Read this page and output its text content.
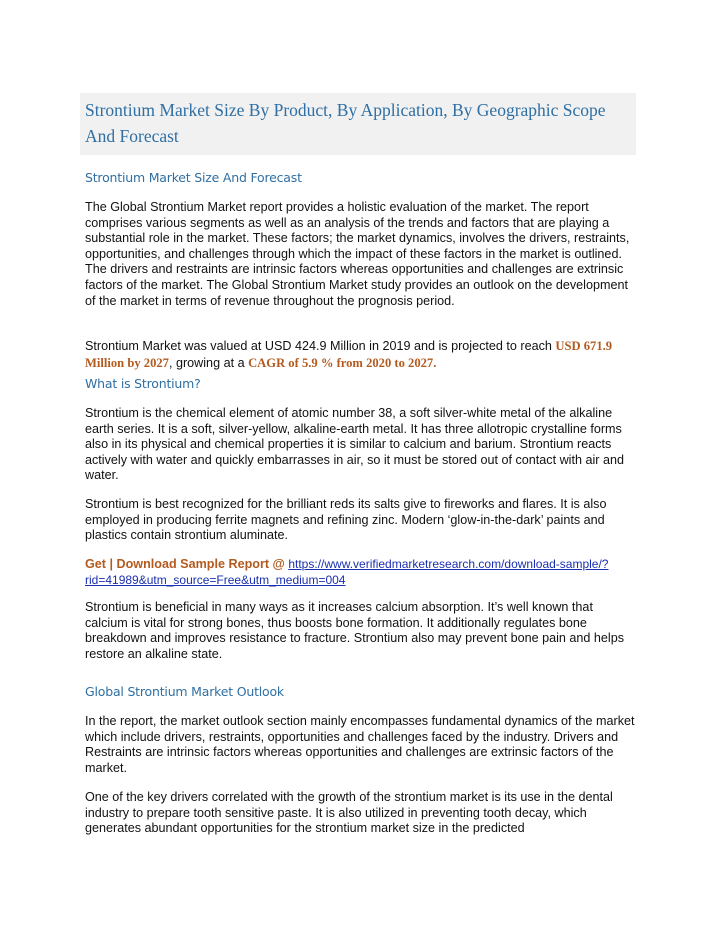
Strontium Market Size By Product, By Application, By Geographic Scope And Forecast
Strontium Market Size And Forecast

The Global Strontium Market report provides a holistic evaluation of the market. The report comprises various segments as well as an analysis of the trends and factors that are playing a substantial role in the market. These factors; the market dynamics, involves the drivers, restraints, opportunities, and challenges through which the impact of these factors in the market is outlined. The drivers and restraints are intrinsic factors whereas opportunities and challenges are extrinsic factors of the market. The Global Strontium Market study provides an outlook on the development of the market in terms of revenue throughout the prognosis period.

Strontium Market was valued at USD 424.9 Million in 2019 and is projected to reach USD 671.9 Million by 2027, growing at a CAGR of 5.9 % from 2020 to 2027.

What is Strontium?

Strontium is the chemical element of atomic number 38, a soft silver-white metal of the alkaline earth series. It is a soft, silver-yellow, alkaline-earth metal. It has three allotropic crystalline forms also in its physical and chemical properties it is similar to calcium and barium. Strontium reacts actively with water and quickly embarrasses in air, so it must be stored out of contact with air and water.

Strontium is best recognized for the brilliant reds its salts give to fireworks and flares. It is also employed in producing ferrite magnets and refining zinc. Modern ‘glow-in-the-dark’ paints and plastics contain strontium aluminate.

Get | Download Sample Report @ https://www.verifiedmarketresearch.com/download-sample/?rid=41989&utm_source=Free&utm_medium=004

Strontium is beneficial in many ways as it increases calcium absorption. It’s well known that calcium is vital for strong bones, thus boosts bone formation. It additionally regulates bone breakdown and improves resistance to fracture. Strontium also may prevent bone pain and helps restore an alkaline state.

Global Strontium Market Outlook

In the report, the market outlook section mainly encompasses fundamental dynamics of the market which include drivers, restraints, opportunities and challenges faced by the industry. Drivers and Restraints are intrinsic factors whereas opportunities and challenges are extrinsic factors of the market.

One of the key drivers correlated with the growth of the strontium market is its use in the dental industry to prepare tooth sensitive paste. It is also utilized in preventing tooth decay, which generates abundant opportunities for the strontium market size in the predicted
